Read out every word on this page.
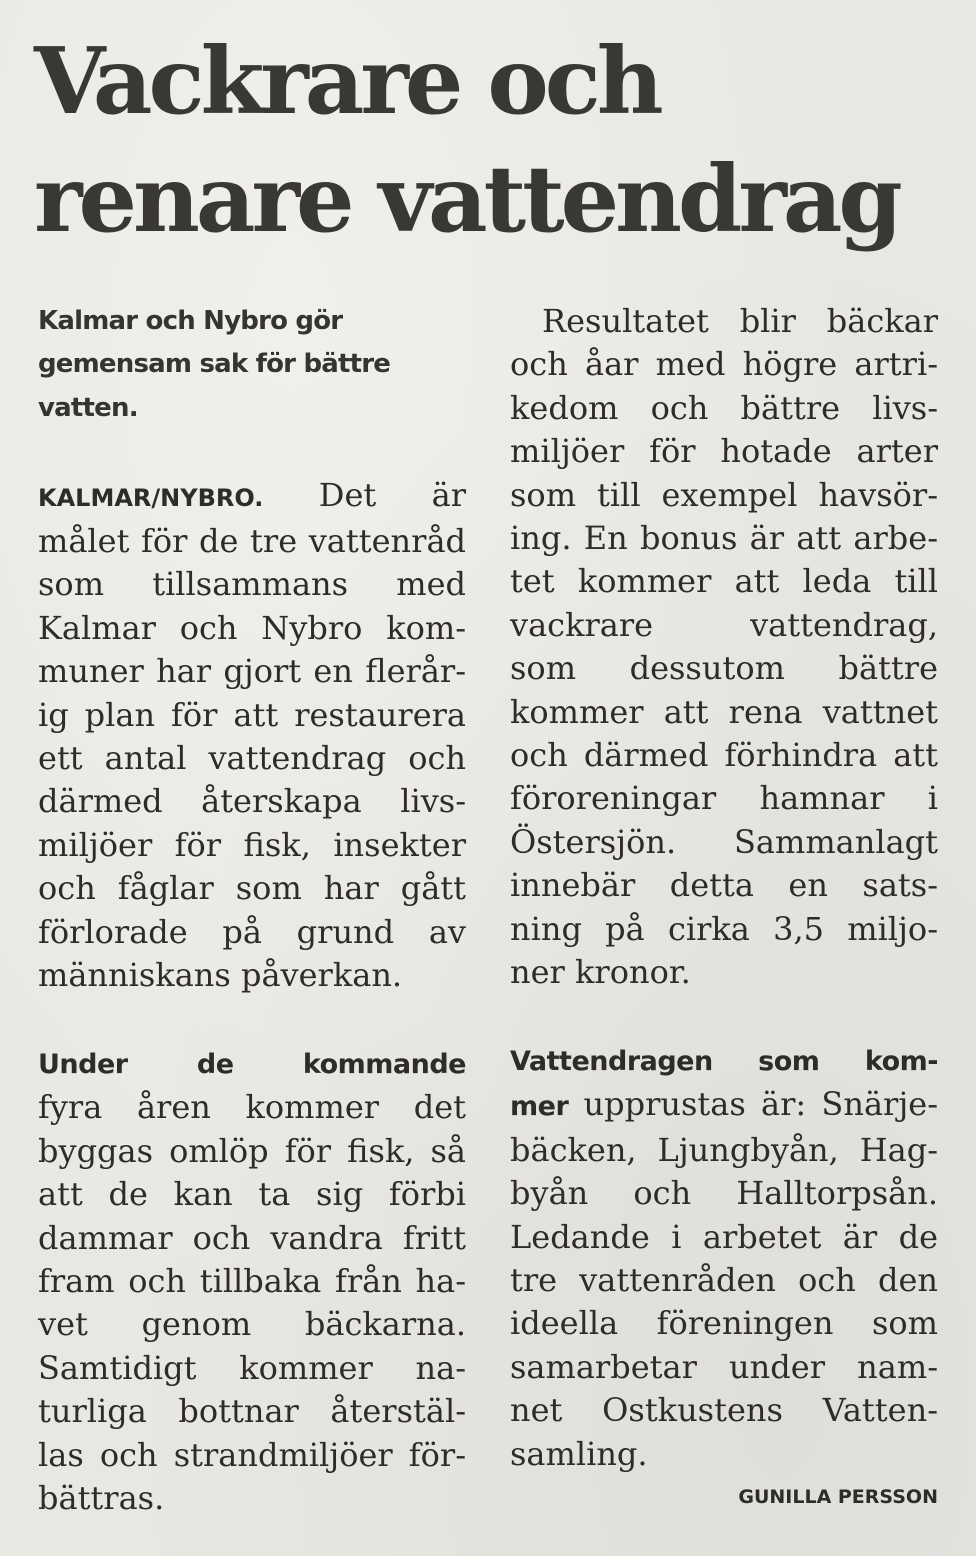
Vackrare och
renare vattendrag
Kalmar och Nybro gör
gemensam sak för bättre
vatten.
KALMAR/NYBRO. Det är
målet för de tre vattenråd
som tillsammans med
Kalmar och Nybro kom-
muner har gjort en flerår-
ig plan för att restaurera
ett antal vattendrag och
därmed återskapa livs-
miljöer för fisk, insekter
och fåglar som har gått
förlorade på grund av
människans påverkan.
Under de kommande
fyra åren kommer det
byggas omlöp för fisk, så
att de kan ta sig förbi
dammar och vandra fritt
fram och tillbaka från ha-
vet genom bäckarna.
Samtidigt kommer na-
turliga bottnar återstäl-
las och strandmiljöer för-
bättras.
Resultatet blir bäckar
och åar med högre artri-
kedom och bättre livs-
miljöer för hotade arter
som till exempel havsör-
ing. En bonus är att arbe-
tet kommer att leda till
vackrare vattendrag,
som dessutom bättre
kommer att rena vattnet
och därmed förhindra att
föroreningar hamnar i
Östersjön. Sammanlagt
innebär detta en sats-
ning på cirka 3,5 miljo-
ner kronor.
Vattendragen som kom-
mer upprustas är: Snärje-
bäcken, Ljungbyån, Hag-
byån och Halltorpsån.
Ledande i arbetet är de
tre vattenråden och den
ideella föreningen som
samarbetar under nam-
net Ostkustens Vatten-
samling.
GUNILLA PERSSON
